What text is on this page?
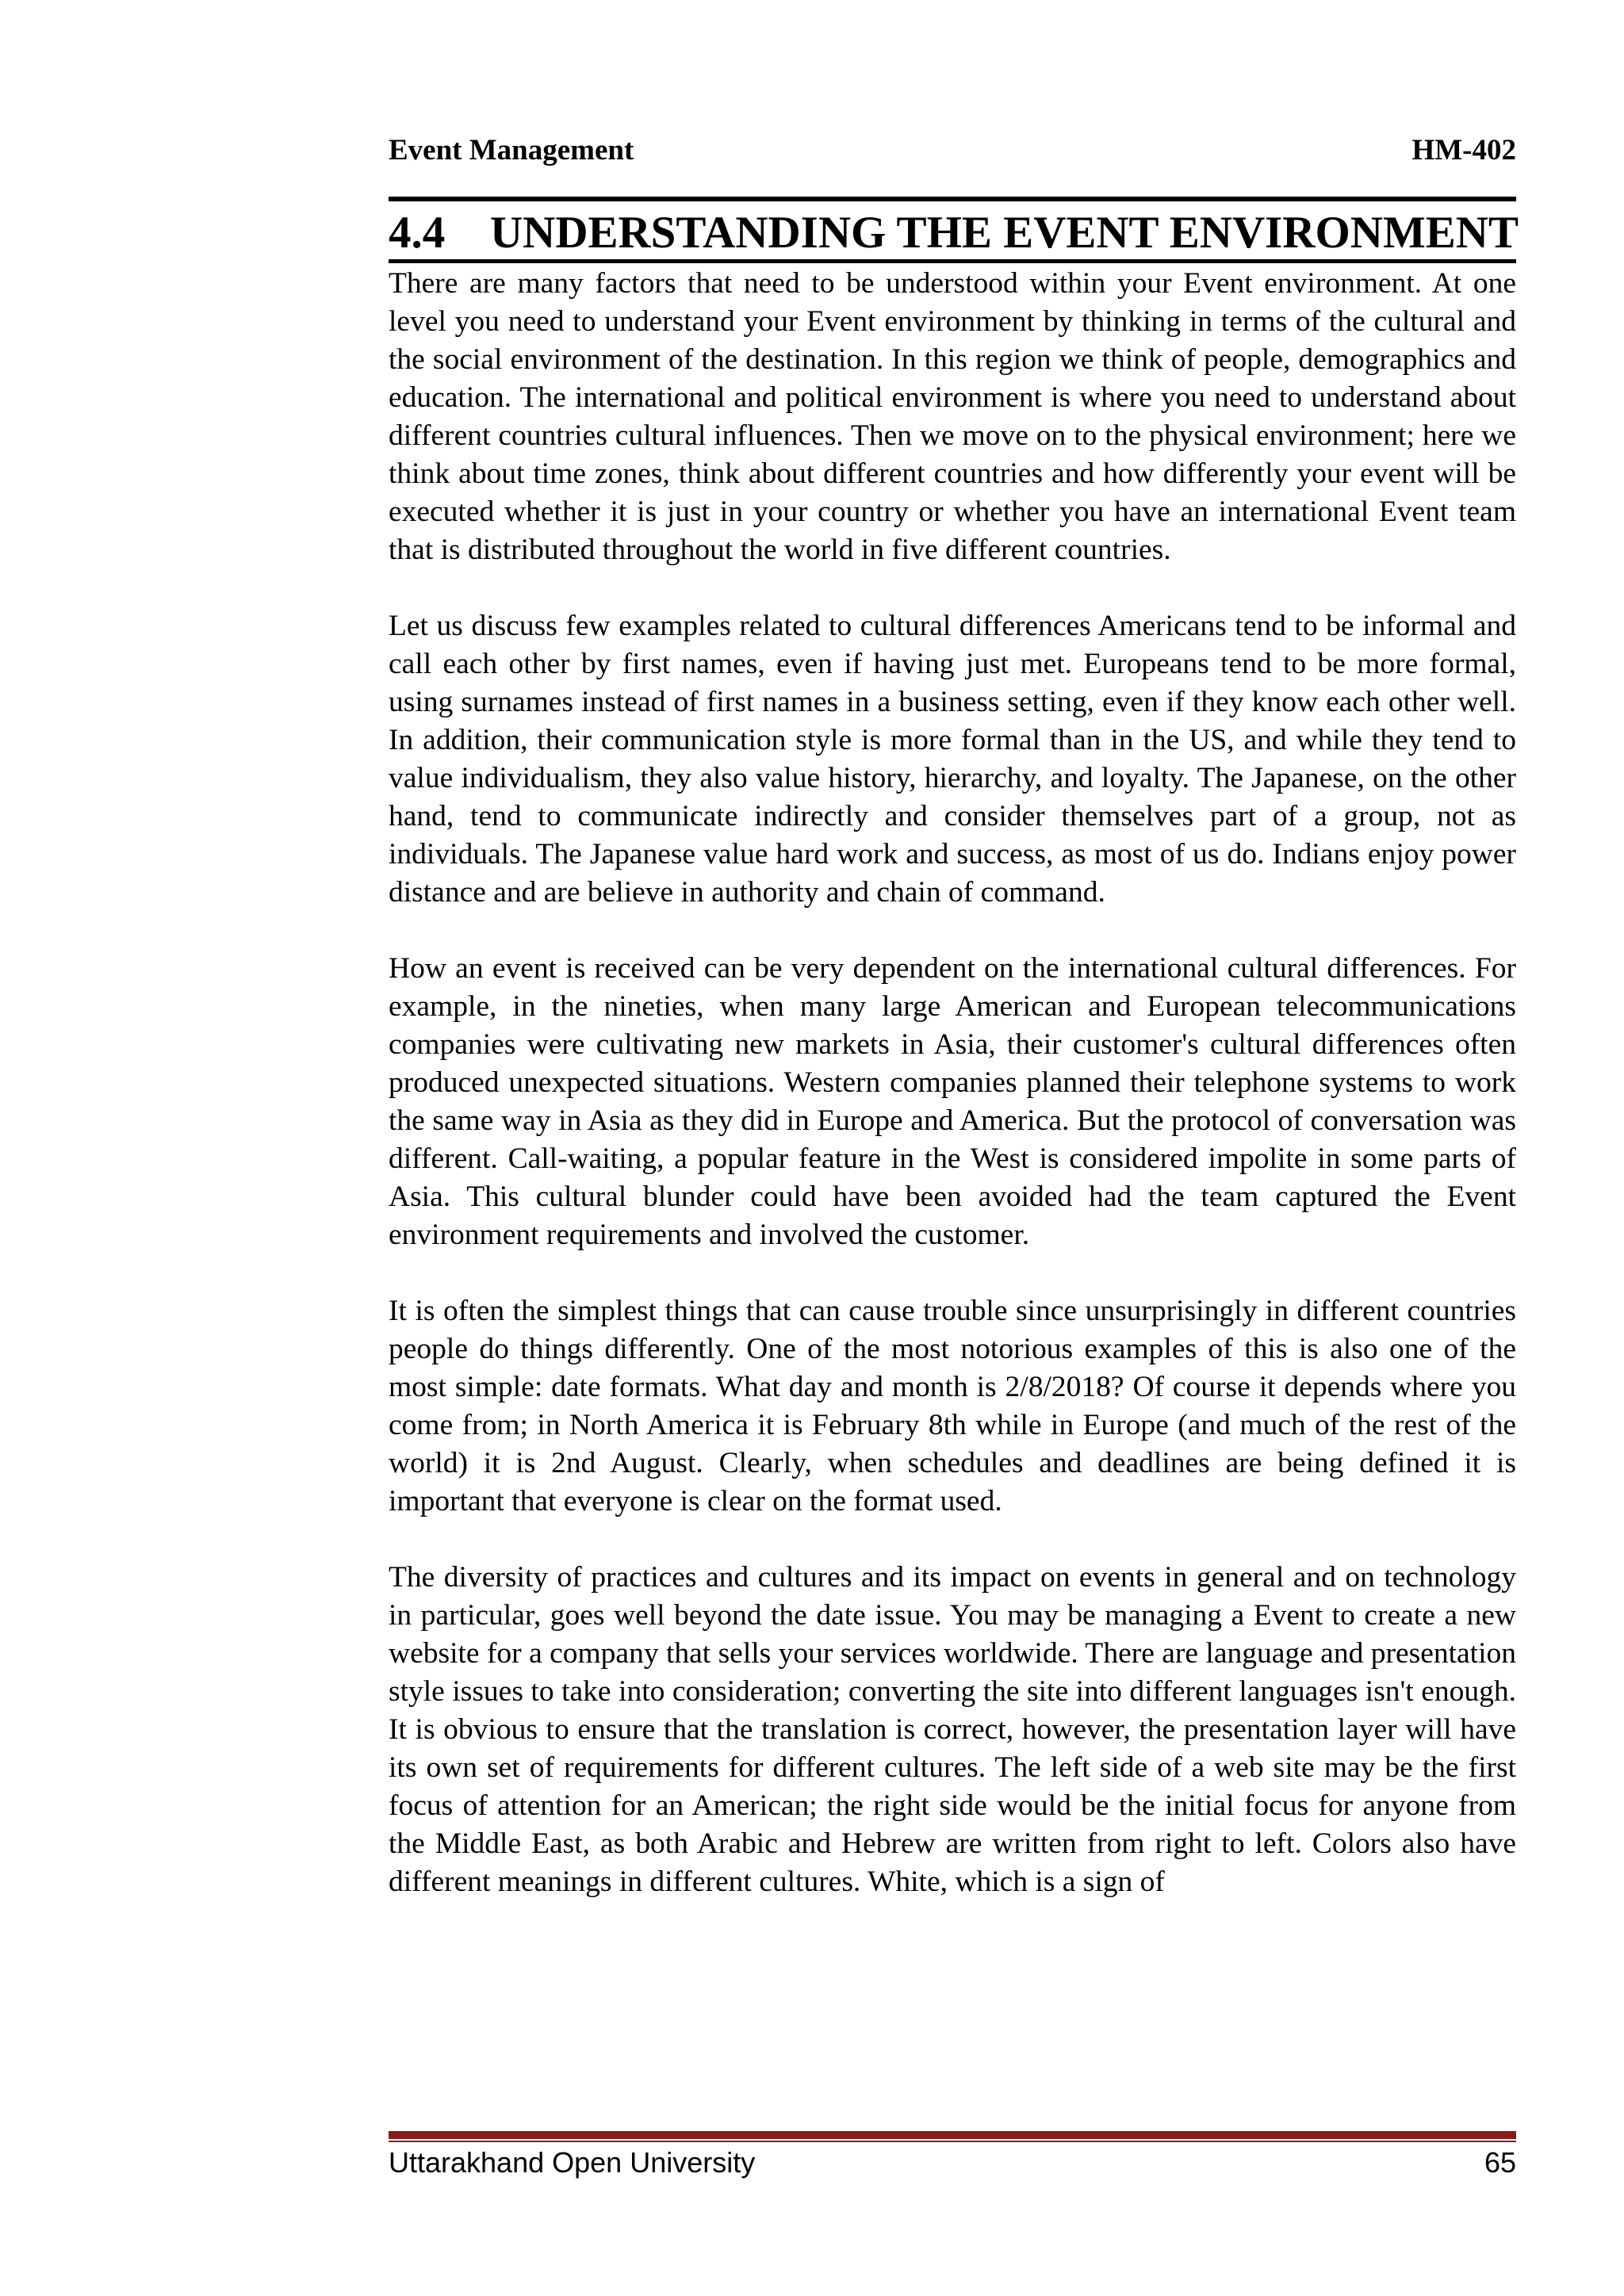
Event Management	HM-402
4.4 UNDERSTANDING THE EVENT ENVIRONMENT

There are many factors that need to be understood within your Event environment. At one level you need to understand your Event environment by thinking in terms of the cultural and the social environment of the destination. In this region we think of people, demographics and education. The international and political environment is where you need to understand about different countries cultural influences. Then we move on to the physical environment; here we think about time zones, think about different countries and how differently your event will be executed whether it is just in your country or whether you have an international Event team that is distributed throughout the world in five different countries.

Let us discuss few examples related to cultural differences Americans tend to be informal and call each other by first names, even if having just met. Europeans tend to be more formal, using surnames instead of first names in a business setting, even if they know each other well. In addition, their communication style is more formal than in the US, and while they tend to value individualism, they also value history, hierarchy, and loyalty. The Japanese, on the other hand, tend to communicate indirectly and consider themselves part of a group, not as individuals. The Japanese value hard work and success, as most of us do. Indians enjoy power distance and are believe in authority and chain of command.

How an event is received can be very dependent on the international cultural differences. For example, in the nineties, when many large American and European telecommunications companies were cultivating new markets in Asia, their customer's cultural differences often produced unexpected situations. Western companies planned their telephone systems to work the same way in Asia as they did in Europe and America. But the protocol of conversation was different. Call-waiting, a popular feature in the West is considered impolite in some parts of Asia. This cultural blunder could have been avoided had the team captured the Event environment requirements and involved the customer.

It is often the simplest things that can cause trouble since unsurprisingly in different countries people do things differently. One of the most notorious examples of this is also one of the most simple: date formats. What day and month is 2/8/2018? Of course it depends where you come from; in North America it is February 8th while in Europe (and much of the rest of the world) it is 2nd August. Clearly, when schedules and deadlines are being defined it is important that everyone is clear on the format used.

The diversity of practices and cultures and its impact on events in general and on technology in particular, goes well beyond the date issue. You may be managing a Event to create a new website for a company that sells your services worldwide. There are language and presentation style issues to take into consideration; converting the site into different languages isn't enough. It is obvious to ensure that the translation is correct, however, the presentation layer will have its own set of requirements for different cultures. The left side of a web site may be the first focus of attention for an American; the right side would be the initial focus for anyone from the Middle East, as both Arabic and Hebrew are written from right to left. Colors also have different meanings in different cultures. White, which is a sign of

Uttarakhand Open University	65
